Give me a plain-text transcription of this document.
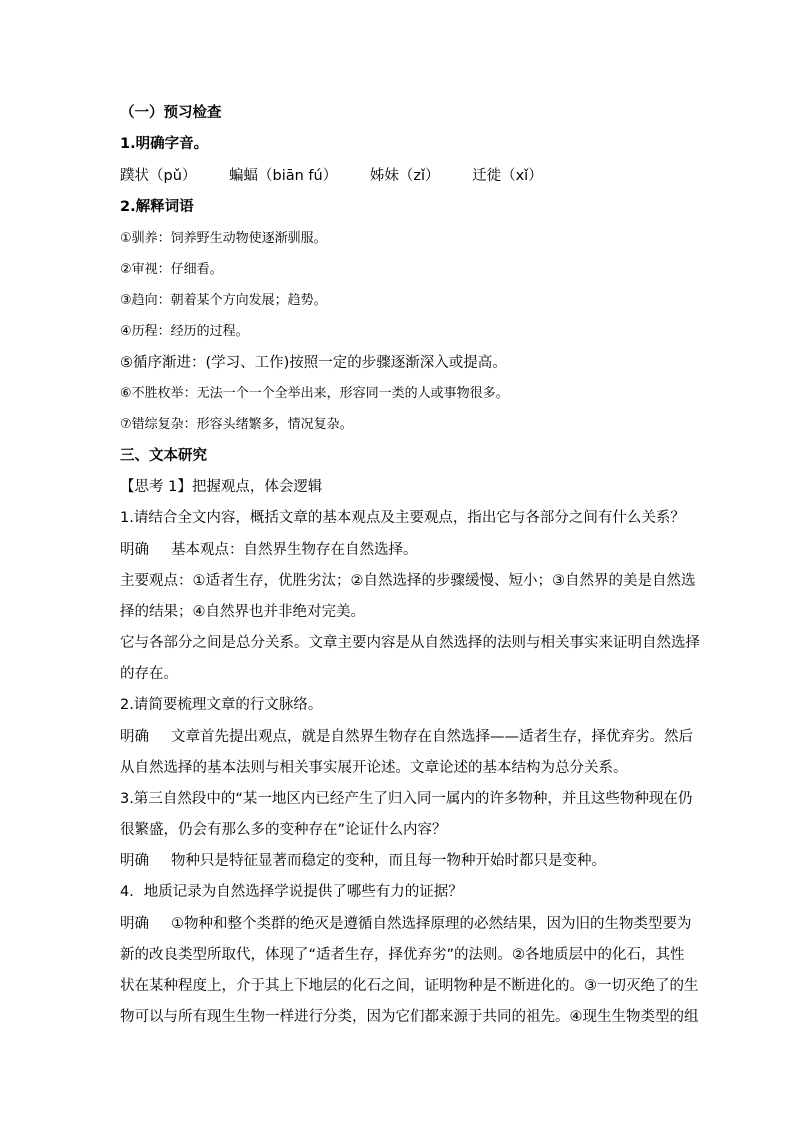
（一）预习检查
1.明确字音。
蹼状（pǔ） 蝙蝠（biān fú） 姊妹（zǐ） 迁徙（xǐ）
2.解释词语
①驯养：饲养野生动物使逐渐驯服。
②审视：仔细看。
③趋向：朝着某个方向发展；趋势。
④历程：经历的过程。
⑤循序渐进：(学习、工作)按照一定的步骤逐渐深入或提高。
⑥不胜枚举：无法一个一个全举出来，形容同一类的人或事物很多。
⑦错综复杂：形容头绪繁多，情况复杂。
三、文本研究
【思考 1】把握观点，体会逻辑
1.请结合全文内容，概括文章的基本观点及主要观点，指出它与各部分之间有什么关系？
明确 基本观点：自然界生物存在自然选择。
主要观点：①适者生存，优胜劣汰；②自然选择的步骤缓慢、短小；③自然界的美是自然选
择的结果；④自然界也并非绝对完美。
它与各部分之间是总分关系。文章主要内容是从自然选择的法则与相关事实来证明自然选择
的存在。
2.请简要梳理文章的行文脉络。
明确 文章首先提出观点，就是自然界生物存在自然选择——适者生存，择优弃劣。然后
从自然选择的基本法则与相关事实展开论述。文章论述的基本结构为总分关系。
3.第三自然段中的“某一地区内已经产生了归入同一属内的许多物种，并且这些物种现在仍
很繁盛，仍会有那么多的变种存在”论证什么内容？
明确 物种只是特征显著而稳定的变种，而且每一物种开始时都只是变种。
4．地质记录为自然选择学说提供了哪些有力的证据？
明确 ①物种和整个类群的绝灭是遵循自然选择原理的必然结果，因为旧的生物类型要为
新的改良类型所取代，体现了“适者生存，择优弃劣”的法则。②各地质层中的化石，其性
状在某种程度上，介于其上下地层的化石之间，证明物种是不断进化的。③一切灭绝了的生
物可以与所有现生生物一样进行分类，因为它们都来源于共同的祖先。④现生生物类型的组
